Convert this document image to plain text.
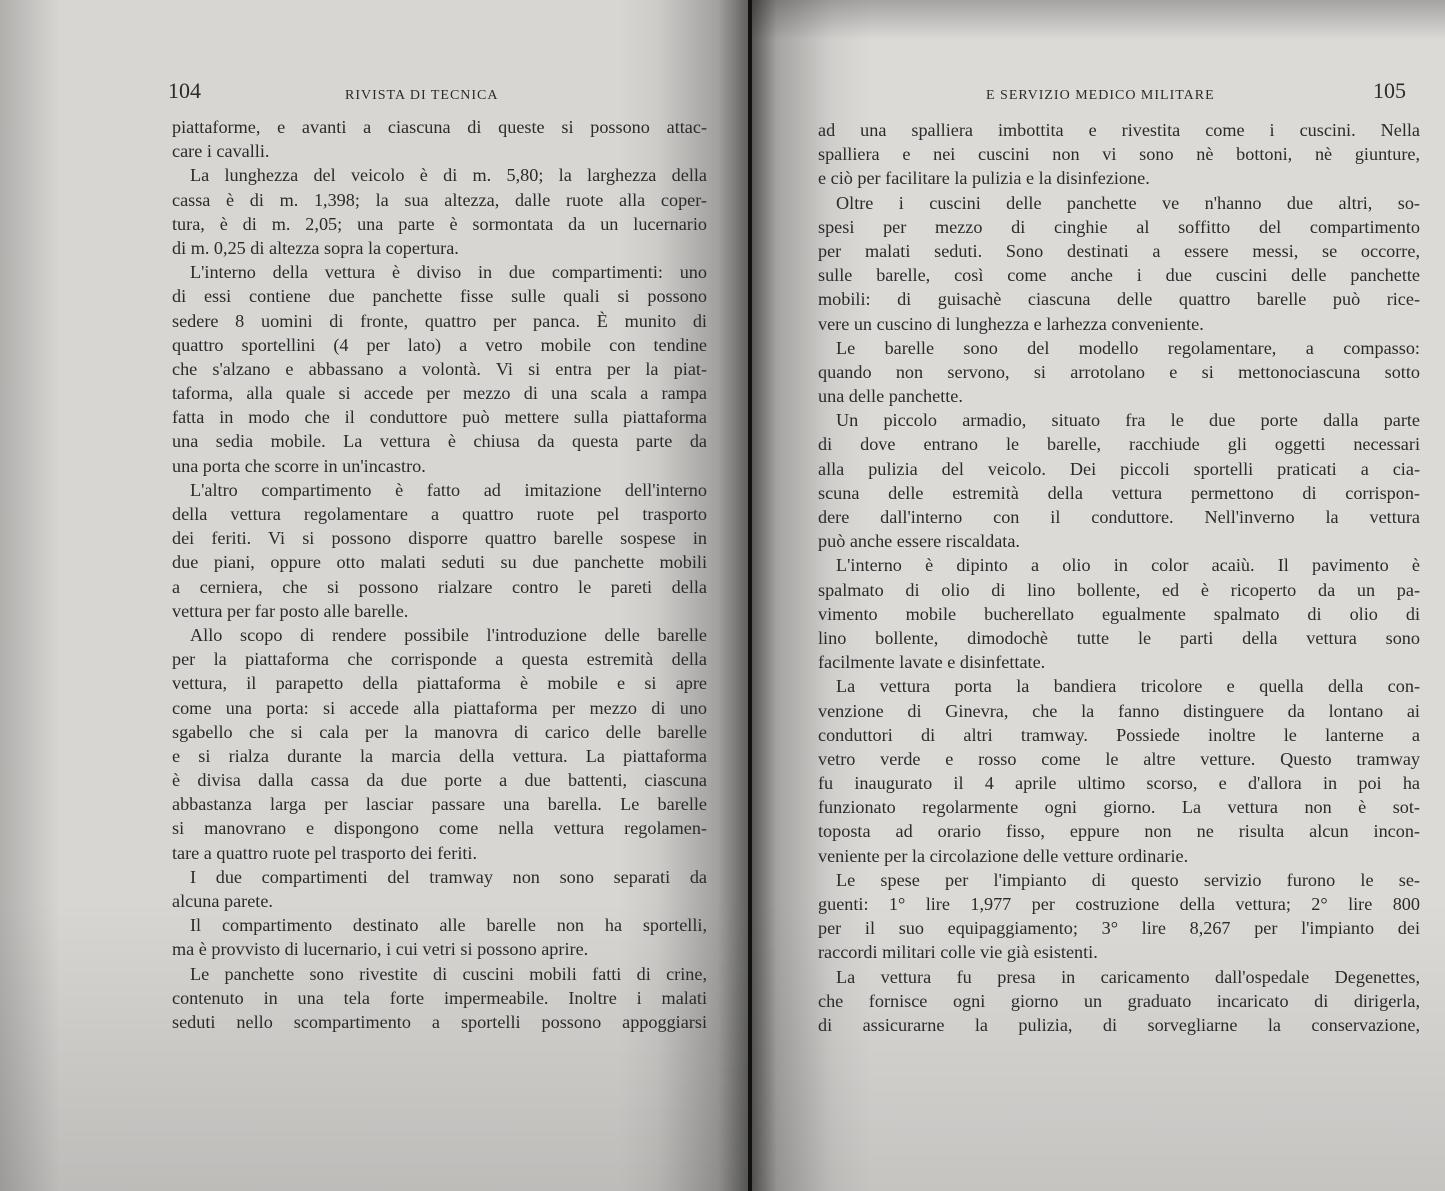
104	RIVISTA DI TECNICA
piattaforme, e avanti a ciascuna di queste si possono attac-
care i cavalli.
La lunghezza del veicolo è di m. 5,80; la larghezza della
cassa è di m. 1,398; la sua altezza, dalle ruote alla coper-
tura, è di m. 2,05; una parte è sormontata da un lucernario
di m. 0,25 di altezza sopra la copertura.
L'interno della vettura è diviso in due compartimenti: uno
di essi contiene due panchette fisse sulle quali si possono
sedere 8 uomini di fronte, quattro per panca. È munito di
quattro sportellini (4 per lato) a vetro mobile con tendine
che s'alzano e abbassano a volontà. Vi si entra per la piat-
taforma, alla quale si accede per mezzo di una scala a rampa
fatta in modo che il conduttore può mettere sulla piattaforma
una sedia mobile. La vettura è chiusa da questa parte da
una porta che scorre in un'incastro.
L'altro compartimento è fatto ad imitazione dell'interno
della vettura regolamentare a quattro ruote pel trasporto
dei feriti. Vi si possono disporre quattro barelle sospese in
due piani, oppure otto malati seduti su due panchette mobili
a cerniera, che si possono rialzare contro le pareti della
vettura per far posto alle barelle.
Allo scopo di rendere possibile l'introduzione delle barelle
per la piattaforma che corrisponde a questa estremità della
vettura, il parapetto della piattaforma è mobile e si apre
come una porta: si accede alla piattaforma per mezzo di uno
sgabello che si cala per la manovra di carico delle barelle
e si rialza durante la marcia della vettura. La piattaforma
è divisa dalla cassa da due porte a due battenti, ciascuna
abbastanza larga per lasciar passare una barella. Le barelle
si manovrano e dispongono come nella vettura regolamen-
tare a quattro ruote pel trasporto dei feriti.
I due compartimenti del tramway non sono separati da
alcuna parete.
Il compartimento destinato alle barelle non ha sportelli,
ma è provvisto di lucernario, i cui vetri si possono aprire.
Le panchette sono rivestite di cuscini mobili fatti di crine,
contenuto in una tela forte impermeabile. Inoltre i malati
seduti nello scompartimento a sportelli possono appoggiarsi
E SERVIZIO MEDICO MILITARE	105
ad una spalliera imbottita e rivestita come i cuscini. Nella
spalliera e nei cuscini non vi sono nè bottoni, nè giunture,
e ciò per facilitare la pulizia e la disinfezione.
Oltre i cuscini delle panchette ve n'hanno due altri, so-
spesi per mezzo di cinghie al soffitto del compartimento
per malati seduti. Sono destinati a essere messi, se occorre,
sulle barelle, così come anche i due cuscini delle panchette
mobili: di guisachè ciascuna delle quattro barelle può rice-
vere un cuscino di lunghezza e larhezza conveniente.
Le barelle sono del modello regolamentare, a compasso:
quando non servono, si arrotolano e si mettonociascuna sotto
una delle panchette.
Un piccolo armadio, situato fra le due porte dalla parte
di dove entrano le barelle, racchiude gli oggetti necessari
alla pulizia del veicolo. Dei piccoli sportelli praticati a cia-
scuna delle estremità della vettura permettono di corrispon-
dere dall'interno con il conduttore. Nell'inverno la vettura
può anche essere riscaldata.
L'interno è dipinto a olio in color acaiù. Il pavimento è
spalmato di olio di lino bollente, ed è ricoperto da un pa-
vimento mobile bucherellato egualmente spalmato di olio di
lino bollente, dimodochè tutte le parti della vettura sono
facilmente lavate e disinfettate.
La vettura porta la bandiera tricolore e quella della con-
venzione di Ginevra, che la fanno distinguere da lontano ai
conduttori di altri tramway. Possiede inoltre le lanterne a
vetro verde e rosso come le altre vetture. Questo tramway
fu inaugurato il 4 aprile ultimo scorso, e d'allora in poi ha
funzionato regolarmente ogni giorno. La vettura non è sot-
toposta ad orario fisso, eppure non ne risulta alcun incon-
veniente per la circolazione delle vetture ordinarie.
Le spese per l'impianto di questo servizio furono le se-
guenti: 1° lire 1,977 per costruzione della vettura; 2° lire 800
per il suo equipaggiamento; 3° lire 8,267 per l'impianto dei
raccordi militari colle vie già esistenti.
La vettura fu presa in caricamento dall'ospedale Degenettes,
che fornisce ogni giorno un graduato incaricato di dirigerla,
di assicurarne la pulizia, di sorvegliarne la conservazione,
